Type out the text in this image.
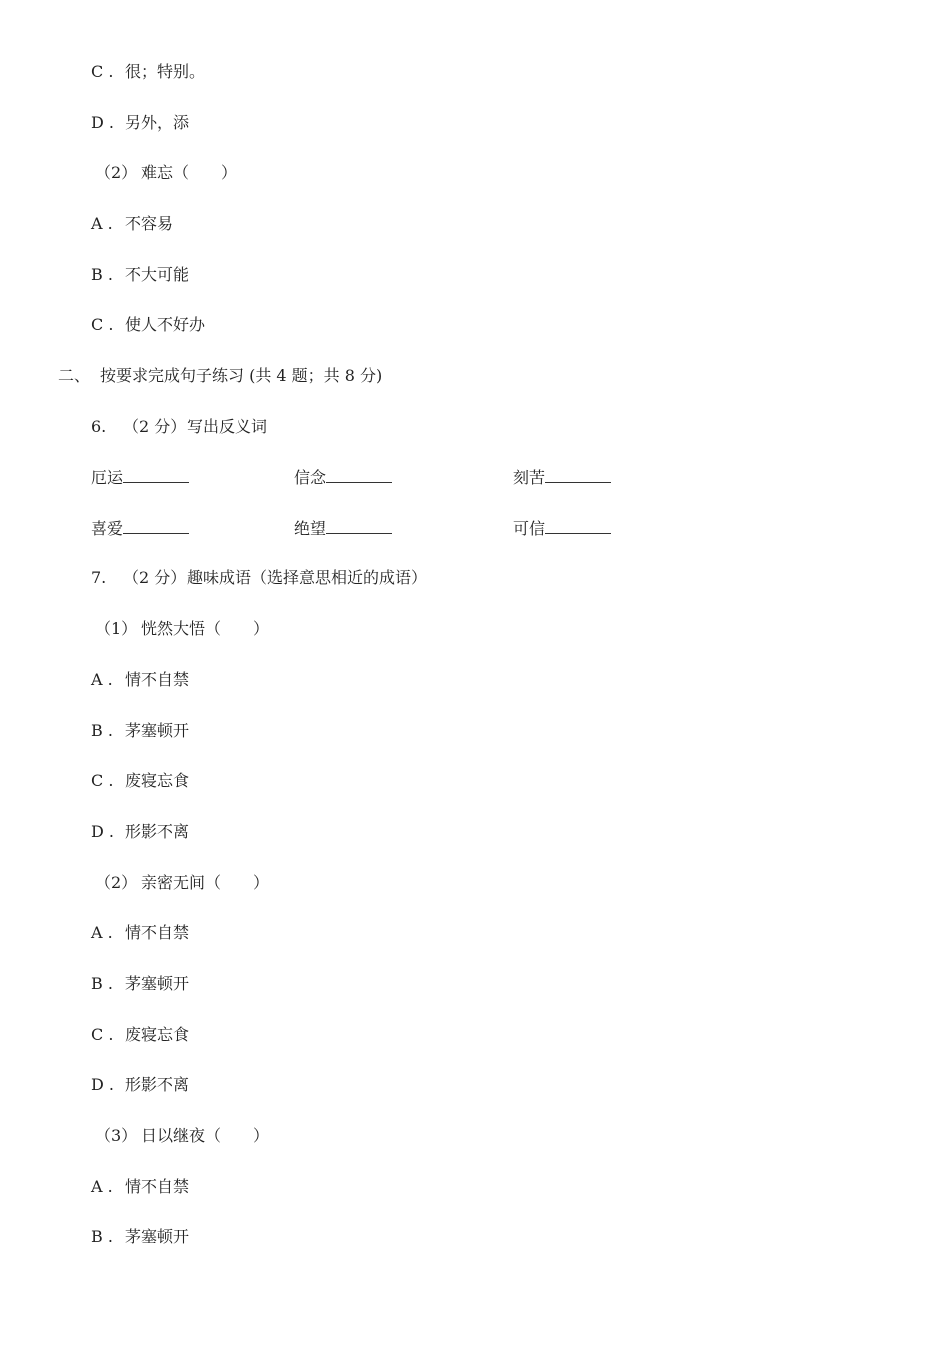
C . 很；特别。

D . 另外，添

（2） 难忘（　　）

A . 不容易

B . 不大可能

C . 使人不好办

二、 按要求完成句子练习 (共 4 题；共 8 分)

6. （2 分）写出反义词

厄运	信念	刻苦
喜爱	绝望	可信

7. （2 分）趣味成语（选择意思相近的成语）

（1） 恍然大悟（　　）

A . 情不自禁

B . 茅塞顿开

C . 废寝忘食

D . 形影不离

（2） 亲密无间（　　）

A . 情不自禁

B . 茅塞顿开

C . 废寝忘食

D . 形影不离

（3） 日以继夜（　　）

A . 情不自禁

B . 茅塞顿开
